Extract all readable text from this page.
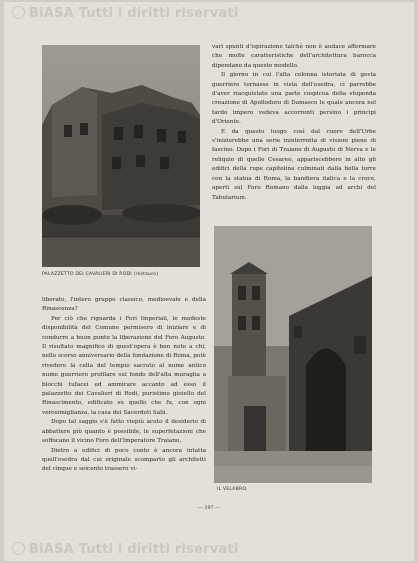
BiASA Tutti i diritti riservati
PALAZZETTO DEI CAVALIERI DI RODI (restauro)

vari spunti d'ispirazione talchè non è audace affermare che molte caratteristiche dell'architettura barocca dipendano da questo modello.

Il giorno in cui l'alta colonna istoriata di gesta guerriere tornasse in vista dell'esedra, ci parrebbe d'aver riacquistato una parte cospicua della stupenda creazione di Apollodoro di Damasco le quale ancora nel tardo impero vedeva accorrenti persino i principi d'Oriente.

E da questo luogo così dal cuore dell'Urbe s'inizierebbe una serie ininterrotta di visioni piene di fascino. Dopo i Fori di Traiano di Augusto di Nerva e le reliquie di quello Cesareo, appariscebbero in alto gli edifici della rupe capitolina culminati dalla bella torre con la statua di Roma, la bandiera italica e la croce, aperti sul Foro Romano dalla loggia ad archi del Tabularium.

IL VELABRO.

liberato, l'intero gruppo classico, medioevale e della Rinascenza?

Per ciò che riguarda i Fori Imperiali, le modeste disponibilità del Comune permisero di iniziare e di condurre a buon punto la liberazione del Foro Augusto. Il risultato magnifico di quest'opera è ben noto a chi, nello scorso anniversario della fondazione di Roma, potè rivedere la cella del tempio sacrato al nume antico nume guerriero profilare sul fondo dell'alta muraglia a blocchi tufacei ed ammirare accanto ad esso il palazzetto dei Cavalieri di Rodi, puristimo gioiello del Rinascimento, edificato su quello che fu, con ogni verosimiglianza, la casa dei Sacerdoti Salii.

Dopo tal saggio s'è fatto viepiù acuto il desiderio di abbattere più quanto è possibile, le superfetazioni che soffocano il vicino Foro dell'Imperatore Traiano.

Dietro a edifici di poco conto è ancora intatta quell'esedra dal cui originale scomparto gli architetti del cinque e seicento trassero vi-

— 397 —
BiASA Tutti i diritti riservati
